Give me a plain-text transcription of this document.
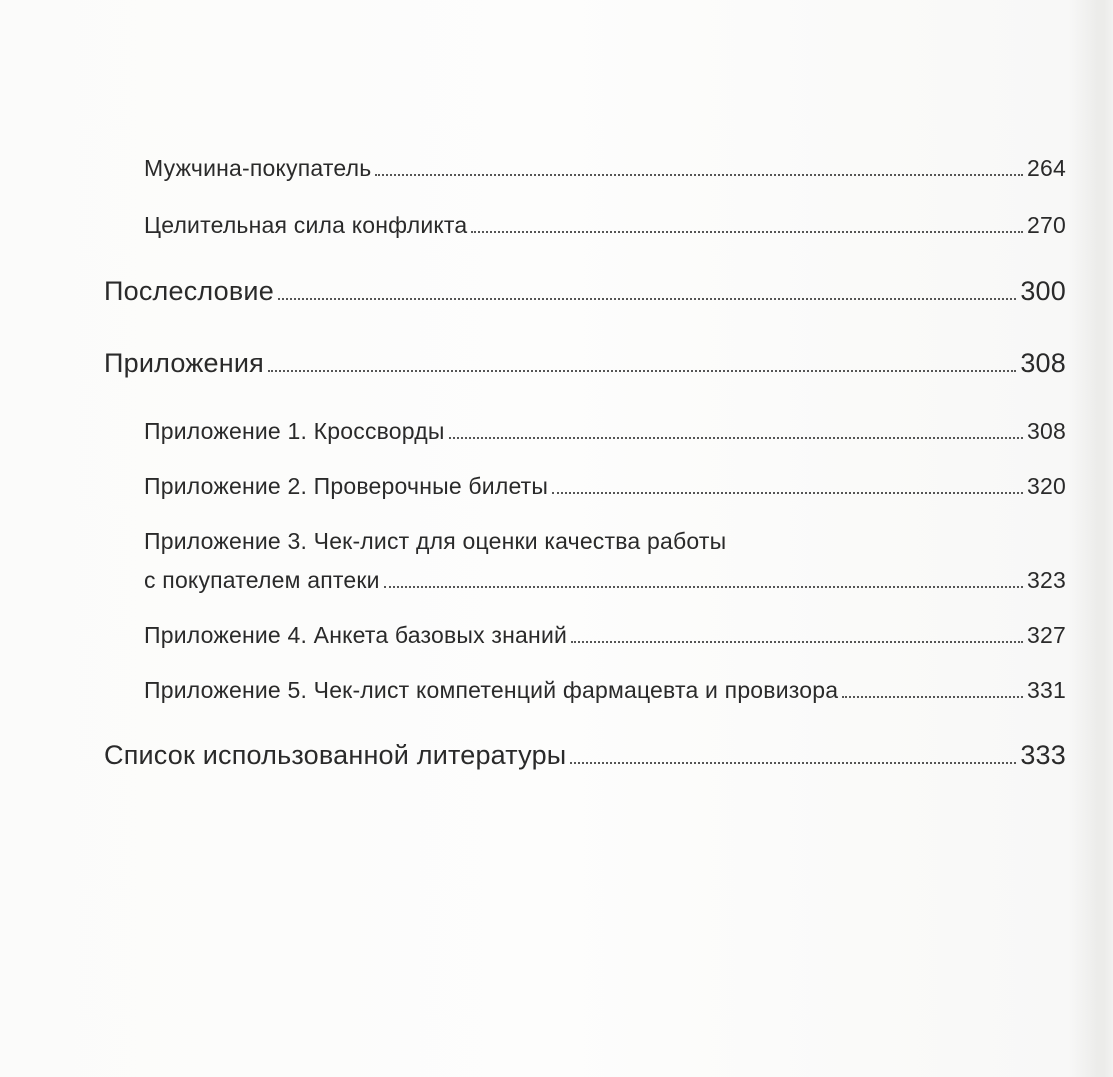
Мужчина-покупатель	264
Целительная сила конфликта	270
Послесловие	300
Приложения	308
Приложение 1. Кроссворды	308
Приложение 2. Проверочные билеты	320
Приложение 3. Чек-лист для оценки качества работы
с покупателем аптеки	323
Приложение 4. Анкета базовых знаний	327
Приложение 5. Чек-лист компетенций фармацевта и провизора	331
Список использованной литературы	333
